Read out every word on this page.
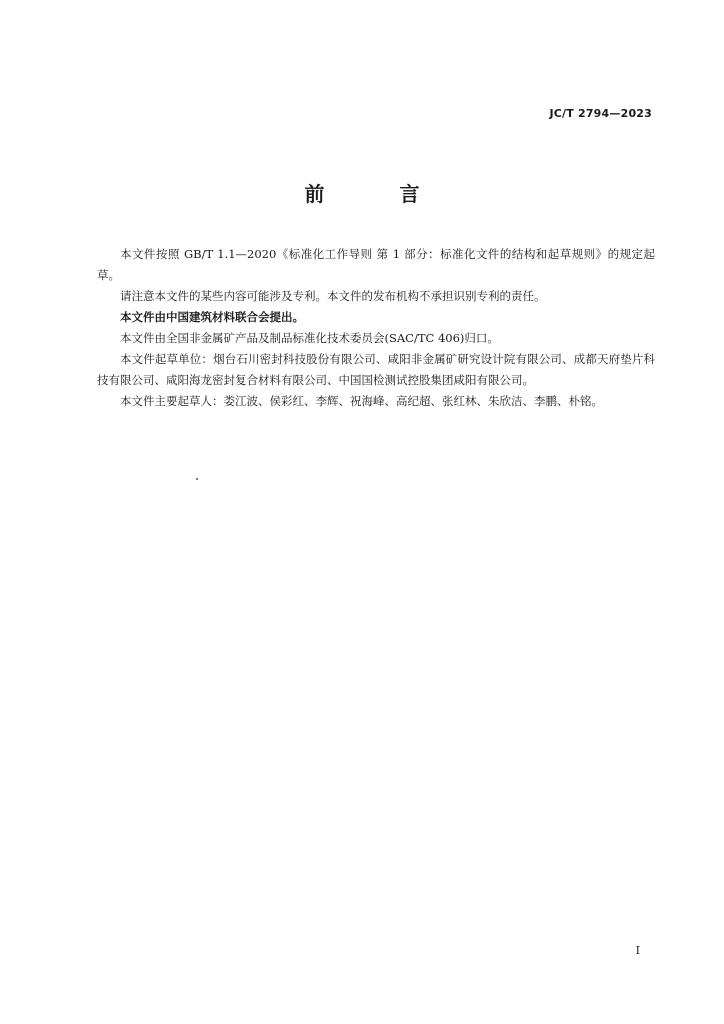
JC/T 2794—2023
前 言

本文件按照 GB/T 1.1—2020《标准化工作导则 第 1 部分：标准化文件的结构和起草规则》的规定起草。

请注意本文件的某些内容可能涉及专利。本文件的发布机构不承担识别专利的责任。

本文件由中国建筑材料联合会提出。

本文件由全国非金属矿产品及制品标准化技术委员会(SAC/TC 406)归口。

本文件起草单位：烟台石川密封科技股份有限公司、咸阳非金属矿研究设计院有限公司、成都天府垫片科技有限公司、咸阳海龙密封复合材料有限公司、中国国检测试控股集团咸阳有限公司。

本文件主要起草人：娄江波、侯彩红、李辉、祝海峰、高纪超、张红林、朱欣洁、李鹏、朴铭。

I
